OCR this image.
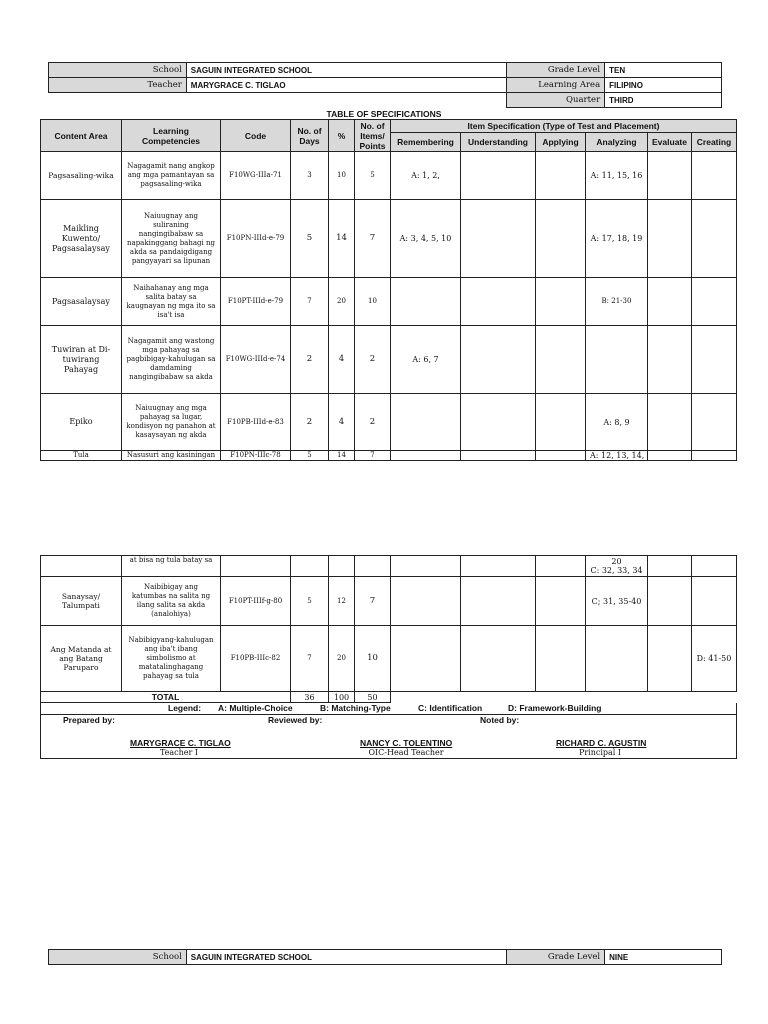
School	SAGUIN INTEGRATED SCHOOL	Grade Level	TEN
Teacher	MARYGRACE C. TIGLAO	Learning Area	FILIPINO
		Quarter	THIRD
TABLE OF SPECIFICATIONS
Content Area	Learning Competencies	Code	No. of Days	%	No. of Items/ Points	Item Specification (Type of Test and Placement)					
						Remembering	Understanding	Applying	Analyzing	Evaluate	Creating
Pagsasaling-wika	Nagagamit nang angkop ang mga pamantayan sa pagsasaling-wika	F10WG-IIIa-71	3	10	5	A: 1, 2,			A: 11, 15, 16		
Maikling Kuwento/ Pagsasalaysay	Naiuugnay ang suliraning nangingibabaw sa napakinggang bahagi ng akda sa pandaigdigang pangyayari sa lipunan	F10PN-IIId-e-79	5	14	7	A: 3, 4, 5, 10			A: 17, 18, 19		
Pagsasalaysay	Naihahanay ang mga salita batay sa kaugnayan ng mga ito sa isa't isa	F10PT-IIId-e-79	7	20	10				B: 21-30		
Tuwiran at Di-tuwirang Pahayag	Nagagamit ang wastong mga pahayag sa pagbibigay-kahulugan sa damdaming nangingibabaw sa akda	F10WG-IIId-e-74	2	4	2	A: 6, 7					
Epiko	Naiuugnay ang mga pahayag sa lugar, kondisyon ng panahon at kasaysayan ng akda	F10PB-IIId-e-83	2	4	2				A: 8, 9		
Tula	Nasusuri ang kasiningan	F10PN-IIIc-78	5	14	7				A: 12, 13, 14,		
	at bisa ng tula batay sa								20
C: 32, 33, 34		

Sanaysay/ Talumpati	Naibibigay ang katumbas na salita ng ilang salita sa akda (analohiya)	F10PT-IIIf-g-80	5	12	7				C; 31, 35-40		
Ang Matanda at ang Batang Paruparo	Nabibigyang-kahulugan ang iba't ibang simbolismo at matatalinghagang pahayag sa tula	F10PB-IIIc-82	7	20	10						D: 41-50
TOTAL			36	100	50						
Legend: A: Multiple-Choice	B: Matching-Type	C: Identification	D: Framework-Building
Prepared by:	Reviewed by:	Noted by:
MARYGRACE C. TIGLAO
Teacher I
NANCY C. TOLENTINO
OIC-Head Teacher
RICHARD C. AGUSTIN
Principal I
School	SAGUIN INTEGRATED SCHOOL	Grade Level	NINE
